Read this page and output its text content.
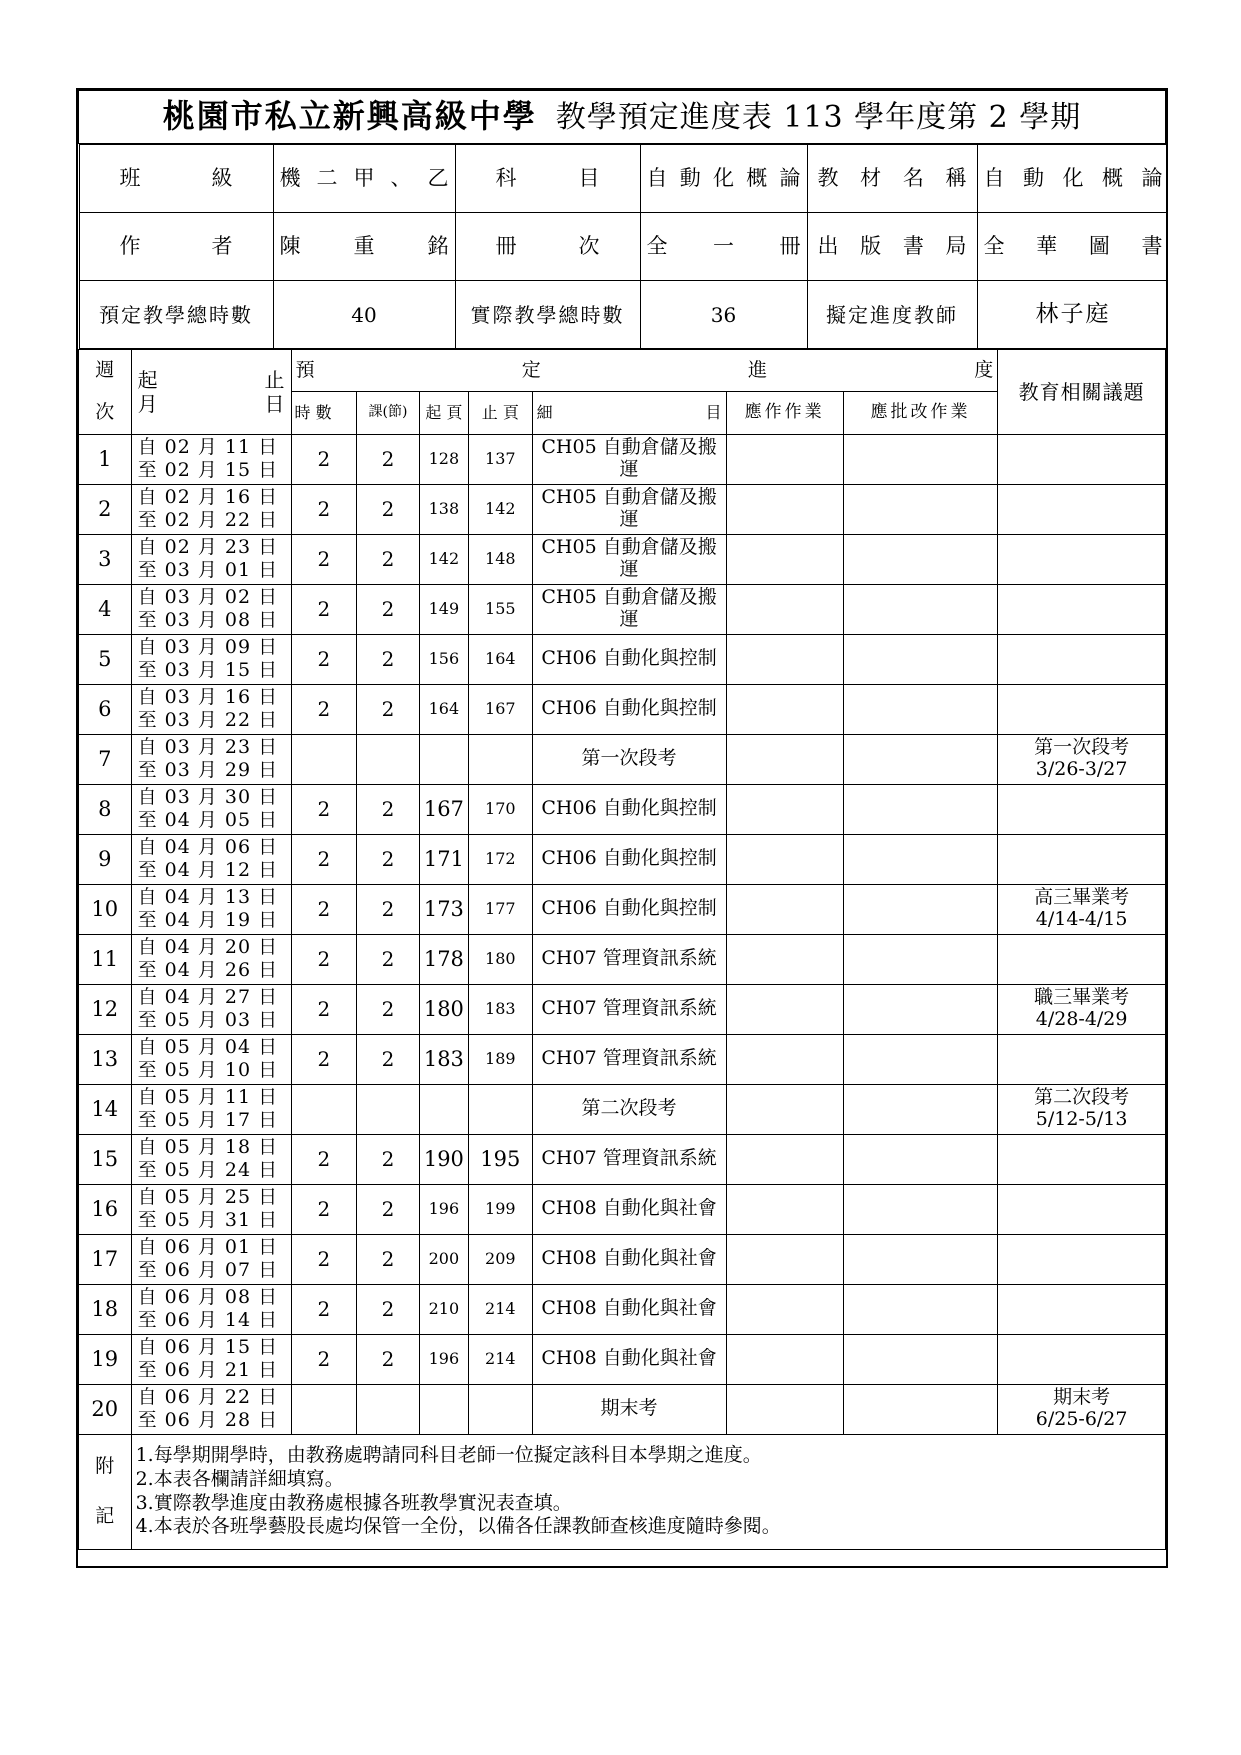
桃園市私立新興高級中學 教學預定進度表 113 學年度第 2 學期

班	級	機 二 甲 、 乙	科	目	自 動 化 概 論	教 材 名 稱	自 動 化 概 論

作	者	陳	重	銘	冊	次	全 一 冊	出 版 書 局	全 華 圖 書

預定教學總時數	40	實際教學總時數	36	擬定進度教師	林子庭

週
次

起	止
月	日

預	定	進	度
	教育相關議題
時 數	課(節)	起 頁	止 頁	細	目	應作作業	應批改作業
1	自 02 月 11 日
至 02 月 15 日	2	2	128	137	CH05 自動倉儲及搬運			
2	自 02 月 16 日
至 02 月 22 日	2	2	138	142	CH05 自動倉儲及搬運			
3	自 02 月 23 日
至 03 月 01 日	2	2	142	148	CH05 自動倉儲及搬運			
4	自 03 月 02 日
至 03 月 08 日	2	2	149	155	CH05 自動倉儲及搬運			
5	自 03 月 09 日
至 03 月 15 日	2	2	156	164	CH06 自動化與控制			
6	自 03 月 16 日
至 03 月 22 日	2	2	164	167	CH06 自動化與控制			
7	自 03 月 23 日
至 03 月 29 日					第一次段考			第一次段考
3/26-3/27
8	自 03 月 30 日
至 04 月 05 日	2	2	167	170	CH06 自動化與控制			
9	自 04 月 06 日
至 04 月 12 日	2	2	171	172	CH06 自動化與控制			
10	自 04 月 13 日
至 04 月 19 日	2	2	173	177	CH06 自動化與控制			高三畢業考
4/14-4/15
11	自 04 月 20 日
至 04 月 26 日	2	2	178	180	CH07 管理資訊系統			
12	自 04 月 27 日
至 05 月 03 日	2	2	180	183	CH07 管理資訊系統			職三畢業考
4/28-4/29
13	自 05 月 04 日
至 05 月 10 日	2	2	183	189	CH07 管理資訊系統			
14	自 05 月 11 日
至 05 月 17 日					第二次段考			第二次段考
5/12-5/13
15	自 05 月 18 日
至 05 月 24 日	2	2	190	195	CH07 管理資訊系統			
16	自 05 月 25 日
至 05 月 31 日	2	2	196	199	CH08 自動化與社會			
17	自 06 月 01 日
至 06 月 07 日	2	2	200	209	CH08 自動化與社會			
18	自 06 月 08 日
至 06 月 14 日	2	2	210	214	CH08 自動化與社會			
19	自 06 月 15 日
至 06 月 21 日	2	2	196	214	CH08 自動化與社會			
20	自 06 月 22 日
至 06 月 28 日					期末考			期末考
6/25-6/27

附
記

1.每學期開學時，由教務處聘請同科目老師一位擬定該科目本學期之進度。
2.本表各欄請詳細填寫。
3.實際教學進度由教務處根據各班教學實況表查填。
4.本表於各班學藝股長處均保管一全份，以備各任課教師查核進度隨時參閱。
